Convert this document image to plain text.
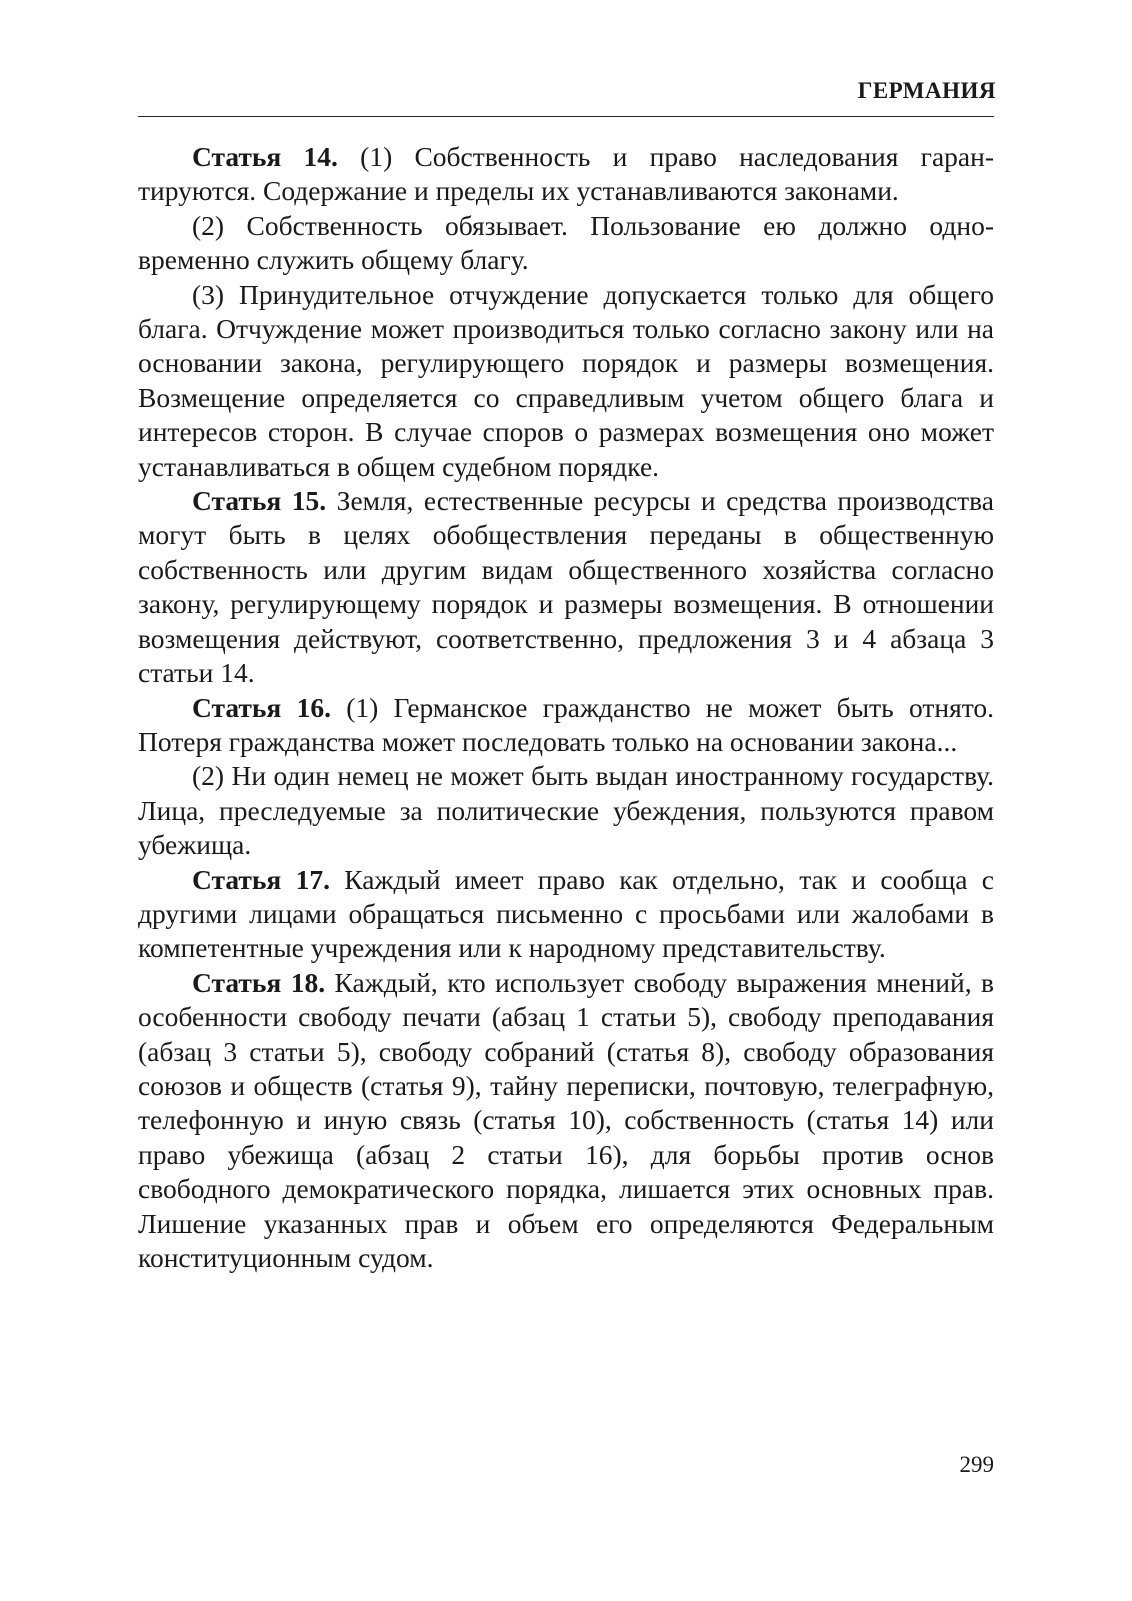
ГЕРМАНИЯ

Статья 14. (1) Собственность и право наследования гарантируются. Содержание и пределы их устанавливаются законами.

(2) Собственность обязывает. Пользование ею должно одновременно служить общему благу.

(3) Принудительное отчуждение допускается только для общего блага. Отчуждение может производиться только согласно закону или на основании закона, регулирующего порядок и размеры возмещения. Возмещение определяется со справедливым учетом общего блага и интересов сторон. В случае споров о размерах возмещения оно может устанавливаться в общем судебном порядке.

Статья 15. Земля, естественные ресурсы и средства производства могут быть в целях обобществления переданы в общественную собственность или другим видам общественного хозяйства согласно закону, регулирующему порядок и размеры возмещения. В отношении возмещения действуют, соответственно, предложения 3 и 4 абзаца 3 статьи 14.

Статья 16. (1) Германское гражданство не может быть отнято. Потеря гражданства может последовать только на основании закона...

(2) Ни один немец не может быть выдан иностранному государству. Лица, преследуемые за политические убеждения, пользуются правом убежища.

Статья 17. Каждый имеет право как отдельно, так и сообща с другими лицами обращаться письменно с просьбами или жалобами в компетентные учреждения или к народному представительству.

Статья 18. Каждый, кто использует свободу выражения мнений, в особенности свободу печати (абзац 1 статьи 5), свободу преподавания (абзац 3 статьи 5), свободу собраний (статья 8), свободу образования союзов и обществ (статья 9), тайну переписки, почтовую, телеграфную, телефонную и иную связь (статья 10), собственность (статья 14) или право убежища (абзац 2 статьи 16), для борьбы против основ свободного демократического порядка, лишается этих основных прав. Лишение указанных прав и объем его определяются Федеральным конституционным судом.

299
